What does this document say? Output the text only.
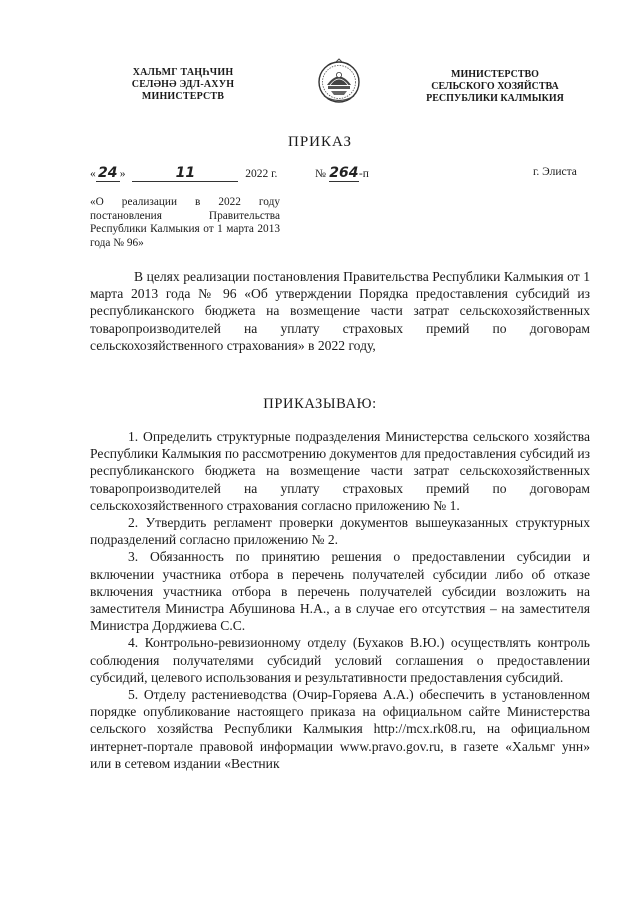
ХАЛЬМГ ТАҢҺЧИН
СЕЛӘНӘ ЭДЛ-АХУН
МИНИСТЕРСТВ
МИНИСТЕРСТВО
СЕЛЬСКОГО ХОЗЯЙСТВА
РЕСПУБЛИКИ КАЛМЫКИЯ
ПРИКАЗ
« 24 »	11	2022 г.	№ 264-п	г. Элиста
«О реализации в 2022 году постановления Правительства Республики Калмыкия от 1 марта 2013 года № 96»
В целях реализации постановления Правительства Республики Калмыкия от 1 марта 2013 года № 96 «Об утверждении Порядка предоставления субсидий из республиканского бюджета на возмещение части затрат сельскохозяйственных товаропроизводителей на уплату страховых премий по договорам сельскохозяйственного страхования» в 2022 году,
ПРИКАЗЫВАЮ:

1. Определить структурные подразделения Министерства сельского хозяйства Республики Калмыкия по рассмотрению документов для предоставления субсидий из республиканского бюджета на возмещение части затрат сельскохозяйственных товаропроизводителей на уплату страховых премий по договорам сельскохозяйственного страхования согласно приложению № 1.

2. Утвердить регламент проверки документов вышеуказанных структурных подразделений согласно приложению № 2.

3. Обязанность по принятию решения о предоставлении субсидии и включении участника отбора в перечень получателей субсидии либо об отказе включения участника отбора в перечень получателей субсидии возложить на заместителя Министра Абушинова Н.А., а в случае его отсутствия – на заместителя Министра Дорджиева С.С.

4. Контрольно-ревизионному отделу (Бухаков В.Ю.) осуществлять контроль соблюдения получателями субсидий условий соглашения о предоставлении субсидий, целевого использования и результативности предоставления субсидий.

5. Отделу растениеводства (Очир-Горяева А.А.) обеспечить в установленном порядке опубликование настоящего приказа на официальном сайте Министерства сельского хозяйства Республики Калмыкия http://mcx.rk08.ru, на официальном интернет-портале правовой информации www.pravo.gov.ru, в газете «Хальмг унн» или в сетевом издании «Вестник
